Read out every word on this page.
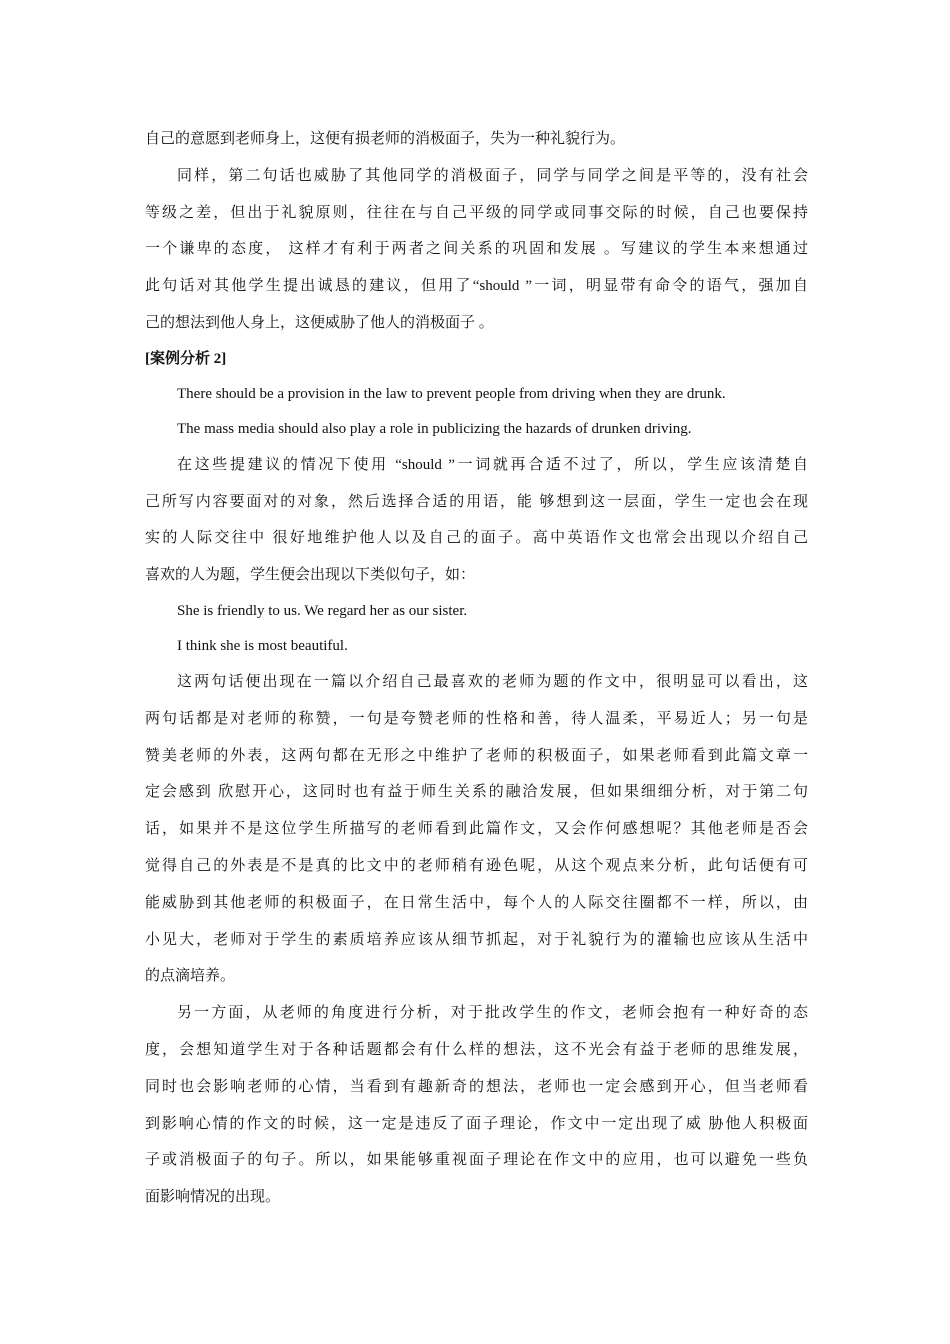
自己的意愿到老师身上，这便有损老师的消极面子，失为一种礼貌行为。
同样，第二句话也威胁了其他同学的消极面子，同学与同学之间是平等的，没有社会
等级之差，但出于礼貌原则，往往在与自己平级的同学或同事交际的时候，自己也要保持
一个谦卑的态度， 这样才有利于两者之间关系的巩固和发展 。写建议的学生本来想通过
此句话对其他学生提出诚恳的建议，但用了“should ”一词，明显带有命令的语气，强加自
己的想法到他人身上，这便威胁了他人的消极面子 。
[案例分析 2]
There should be a provision in the law to prevent people from driving when they are drunk.
The mass media should also play a role in publicizing the hazards of drunken driving.
在这些提建议的情况下使用 “should ”一词就再合适不过了，所以，学生应该清楚自
己所写内容要面对的对象，然后选择合适的用语，能 够想到这一层面，学生一定也会在现
实的人际交往中 很好地维护他人以及自己的面子。高中英语作文也常会出现以介绍自己
喜欢的人为题，学生便会出现以下类似句子，如：
She is friendly to us. We regard her as our sister.
I think she is most beautiful.
这两句话便出现在一篇以介绍自己最喜欢的老师为题的作文中，很明显可以看出，这
两句话都是对老师的称赞，一句是夸赞老师的性格和善，待人温柔，平易近人；另一句是
赞美老师的外表，这两句都在无形之中维护了老师的积极面子，如果老师看到此篇文章一
定会感到 欣慰开心，这同时也有益于师生关系的融洽发展，但如果细细分析，对于第二句
话，如果并不是这位学生所描写的老师看到此篇作文，又会作何感想呢？其他老师是否会
觉得自己的外表是不是真的比文中的老师稍有逊色呢，从这个观点来分析，此句话便有可
能威胁到其他老师的积极面子，在日常生活中，每个人的人际交往圈都不一样，所以，由
小见大，老师对于学生的素质培养应该从细节抓起，对于礼貌行为的灌输也应该从生活中
的点滴培养。
另一方面，从老师的角度进行分析，对于批改学生的作文，老师会抱有一种好奇的态
度，会想知道学生对于各种话题都会有什么样的想法，这不光会有益于老师的思维发展，
同时也会影响老师的心情，当看到有趣新奇的想法，老师也一定会感到开心，但当老师看
到影响心情的作文的时候，这一定是违反了面子理论，作文中一定出现了威 胁他人积极面
子或消极面子的句子。所以，如果能够重视面子理论在作文中的应用，也可以避免一些负
面影响情况的出现。
